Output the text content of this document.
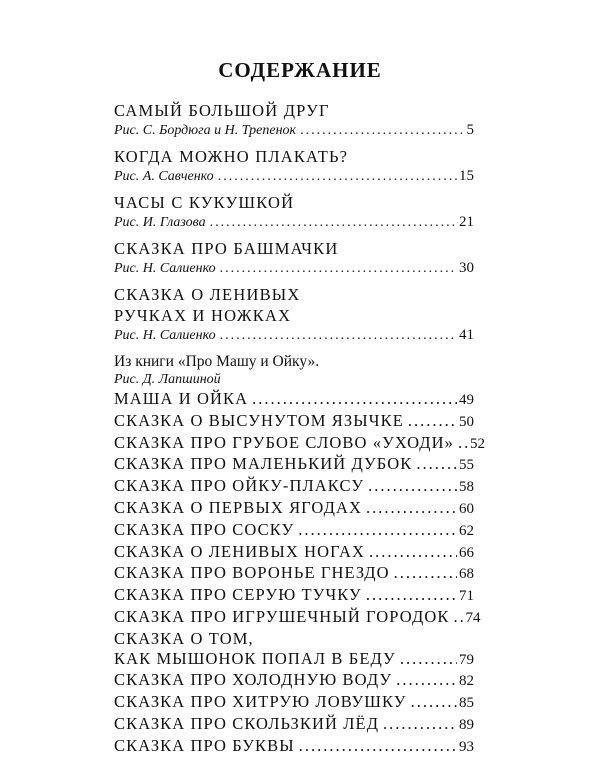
СОДЕРЖАНИЕ
САМЫЙ БОЛЬШОЙ ДРУГ
Рис. С. Бордюга и Н. Трепенок .....	5
КОГДА МОЖНО ПЛАКАТЬ?
Рис. А. Савченко .....	15
ЧАСЫ С КУКУШКОЙ
Рис. И. Глазова .....	21
СКАЗКА ПРО БАШМАЧКИ
Рис. Н. Салиенко .....	30
СКАЗКА О ЛЕНИВЫХ
РУЧКАХ И НОЖКАХ
Рис. Н. Салиенко .....	41
Из книги «Про Машу и Ойку».
Рис. Д. Лапшиной
МАША И ОЙКА .....	49
СКАЗКА О ВЫСУНУТОМ ЯЗЫЧКЕ .....	50
СКАЗКА ПРО ГРУБОЕ СЛОВО «УХОДИ» ..... 52
СКАЗКА ПРО МАЛЕНЬКИЙ ДУБОК .....	55
СКАЗКА ПРО ОЙКУ-ПЛАКСУ .....	58
СКАЗКА О ПЕРВЫХ ЯГОДАХ .....	60
СКАЗКА ПРО СОСКУ .....	62
СКАЗКА О ЛЕНИВЫХ НОГАХ .....	66
СКАЗКА ПРО ВОРОНЬЕ ГНЕЗДО .....	68
СКАЗКА ПРО СЕРУЮ ТУЧКУ .....	71
СКАЗКА ПРО ИГРУШЕЧНЫЙ ГОРОДОК ..... 74
СКАЗКА О ТОМ,
КАК МЫШОНОК ПОПАЛ В БЕДУ .....	79
СКАЗКА ПРО ХОЛОДНУЮ ВОДУ .....	82
СКАЗКА ПРО ХИТРУЮ ЛОВУШКУ .....	85
СКАЗКА ПРО СКОЛЬЗКИЙ ЛЁД .....	89
СКАЗКА ПРО БУКВЫ .....	93
